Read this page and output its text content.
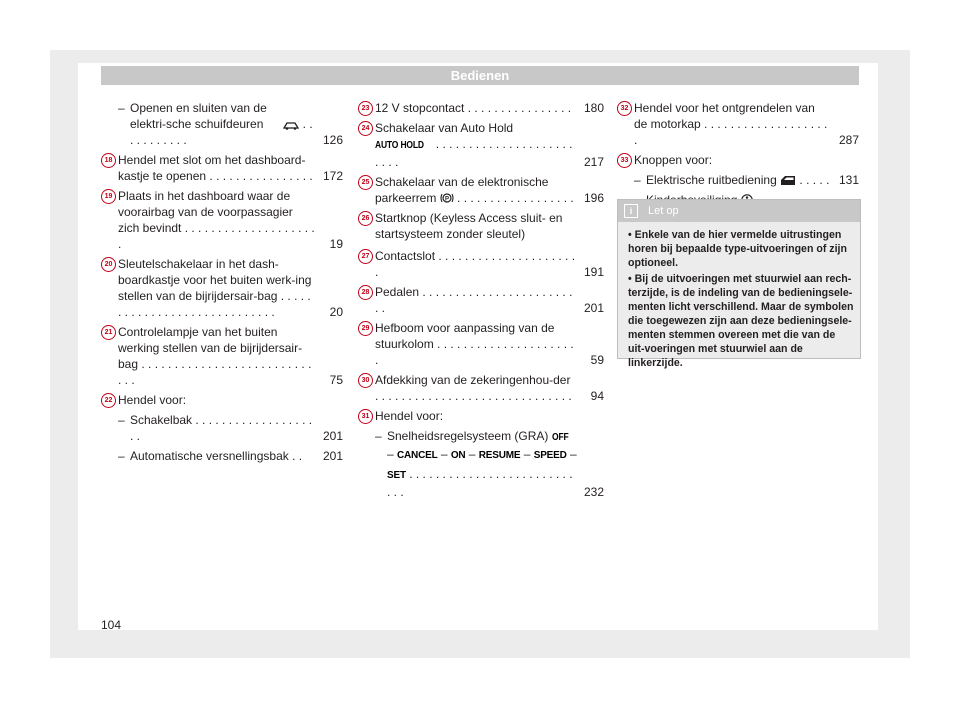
Bedienen
– Openen en sluiten van de elektri-sche schuifdeuren	. . . . . . . . . . .	126
18 Hendel met slot om het dashboard-kastje te openen . . . . . . . . . . . . . . . . 172
19 Plaats in het dashboard waar de voorairbag van de voorpassagier zich bevindt . . . . . . . . . . . . . . . . . . . . .	19
20 Sleutelschakelaar in het dash-boardkastje voor het buiten werk-ing stellen van de bijrijdersair-bag . . . . . . . . . . . . . . . . . . . . . . . . . . . . .	20
21 Controlelampje van het buiten werking stellen van de bijrijdersair-bag . . . . . . . . . . . . . . . . . . . . . . . . . . . . .	75
22 Hendel voor:
– Schakelbak . . . . . . . . . . . . . . . . . . . .	201
– Automatische versnellingsbak . .	201
23 12 V stopcontact . . . . . . . . . . . . . . . .	180
24 Schakelaar van Auto Hold
AUTO HOLD . . . . . . . . . . . . . . . . . . . . . . . . .	217
25 Schakelaar van de elektronische parkeerrem P . . . . . . . . . . . . . . . . . . 196
26 Startknop (Keyless Access sluit- en startsysteem zonder sleutel)
27 Contactslot . . . . . . . . . . . . . . . . . . . . . .	191
28 Pedalen . . . . . . . . . . . . . . . . . . . . . . . . .	201
29 Hefboom voor aanpassing van de stuurkolom . . . . . . . . . . . . . . . . . . . . . .	59
30 Afdekking van de zekeringenhou-der . . . . . . . . . . . . . . . . . . . . . . . . . . . . . .	94
31 Hendel voor:
– Snelheidsregelsysteem (GRA) OFF
– CANCEL – ON – RESUME – SPEED –
SET . . . . . . . . . . . . . . . . . . . . . . . . . . . .	232
32 Hendel voor het ontgrendelen van de motorkap . . . . . . . . . . . . . . . . . . . .	287
33 Knoppen voor:
– Elektrische ruitbediening  . . . . . 131
i	Let op
• Enkele van de hier vermelde uitrustingen horen bij bepaalde type-uitvoeringen of zijn optioneel.
• Bij de uitvoeringen met stuurwiel aan rech-terzijde, is de indeling van de bedieningsele-menten licht verschillend. Maar de symbolen die toegewezen zijn aan deze bedieningsele-menten stemmen overeen met die van de uit-voeringen met stuurwiel aan de linkerzijde.
104
